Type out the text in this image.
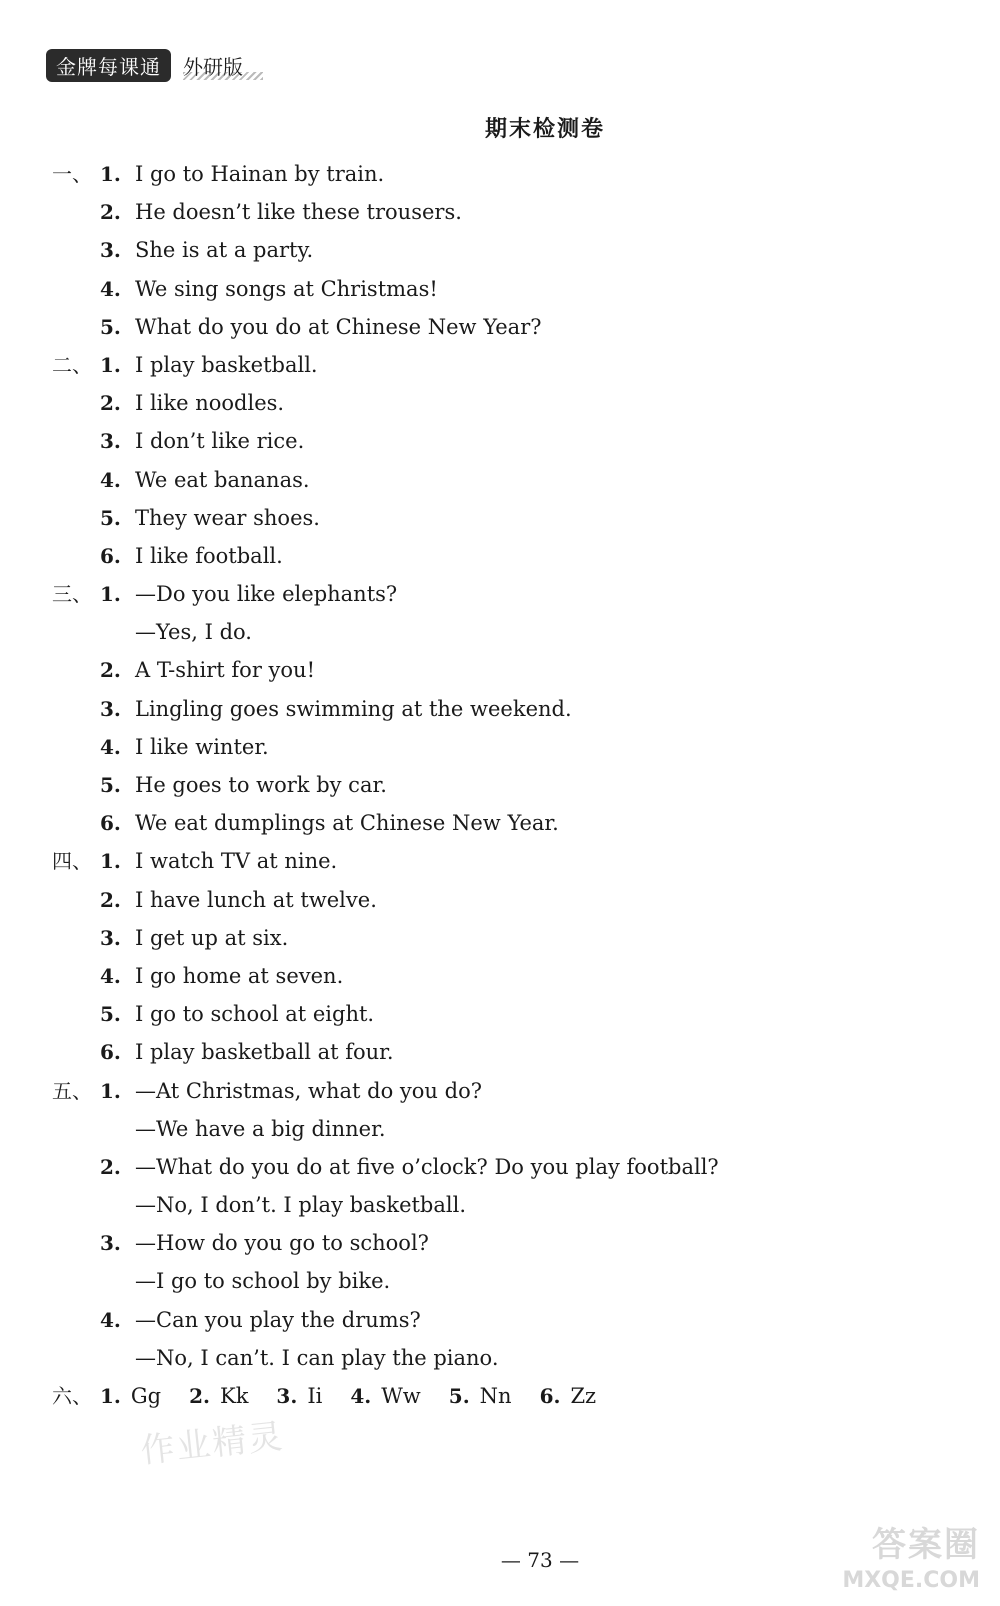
金牌每课通	外研版
期末检测卷
一、 1. I go to Hainan by train.
2. He doesn’t like these trousers.
3. She is at a party.
4. We sing songs at Christmas!
5. What do you do at Chinese New Year?
二、 1. I play basketball.
2. I like noodles.
3. I don’t like rice.
4. We eat bananas.
5. They wear shoes.
6. I like football.
三、 1. —Do you like elephants?
—Yes, I do.
2. A T-shirt for you!
3. Lingling goes swimming at the weekend.
4. I like winter.
5. He goes to work by car.
6. We eat dumplings at Chinese New Year.
四、 1. I watch TV at nine.
2. I have lunch at twelve.
3. I get up at six.
4. I go home at seven.
5. I go to school at eight.
6. I play basketball at four.
五、 1. —At Christmas, what do you do?
—We have a big dinner.
2. —What do you do at five o’clock? Do you play football?
—No, I don’t. I play basketball.
3. —How do you go to school?
—I go to school by bike.
4. —Can you play the drums?
—No, I can’t. I can play the piano.
六、 1. Gg 2. Kk 3. Ii 4. Ww 5. Nn 6. Zz
作业精灵
答案圈
MXQE.COM
— 73 —
